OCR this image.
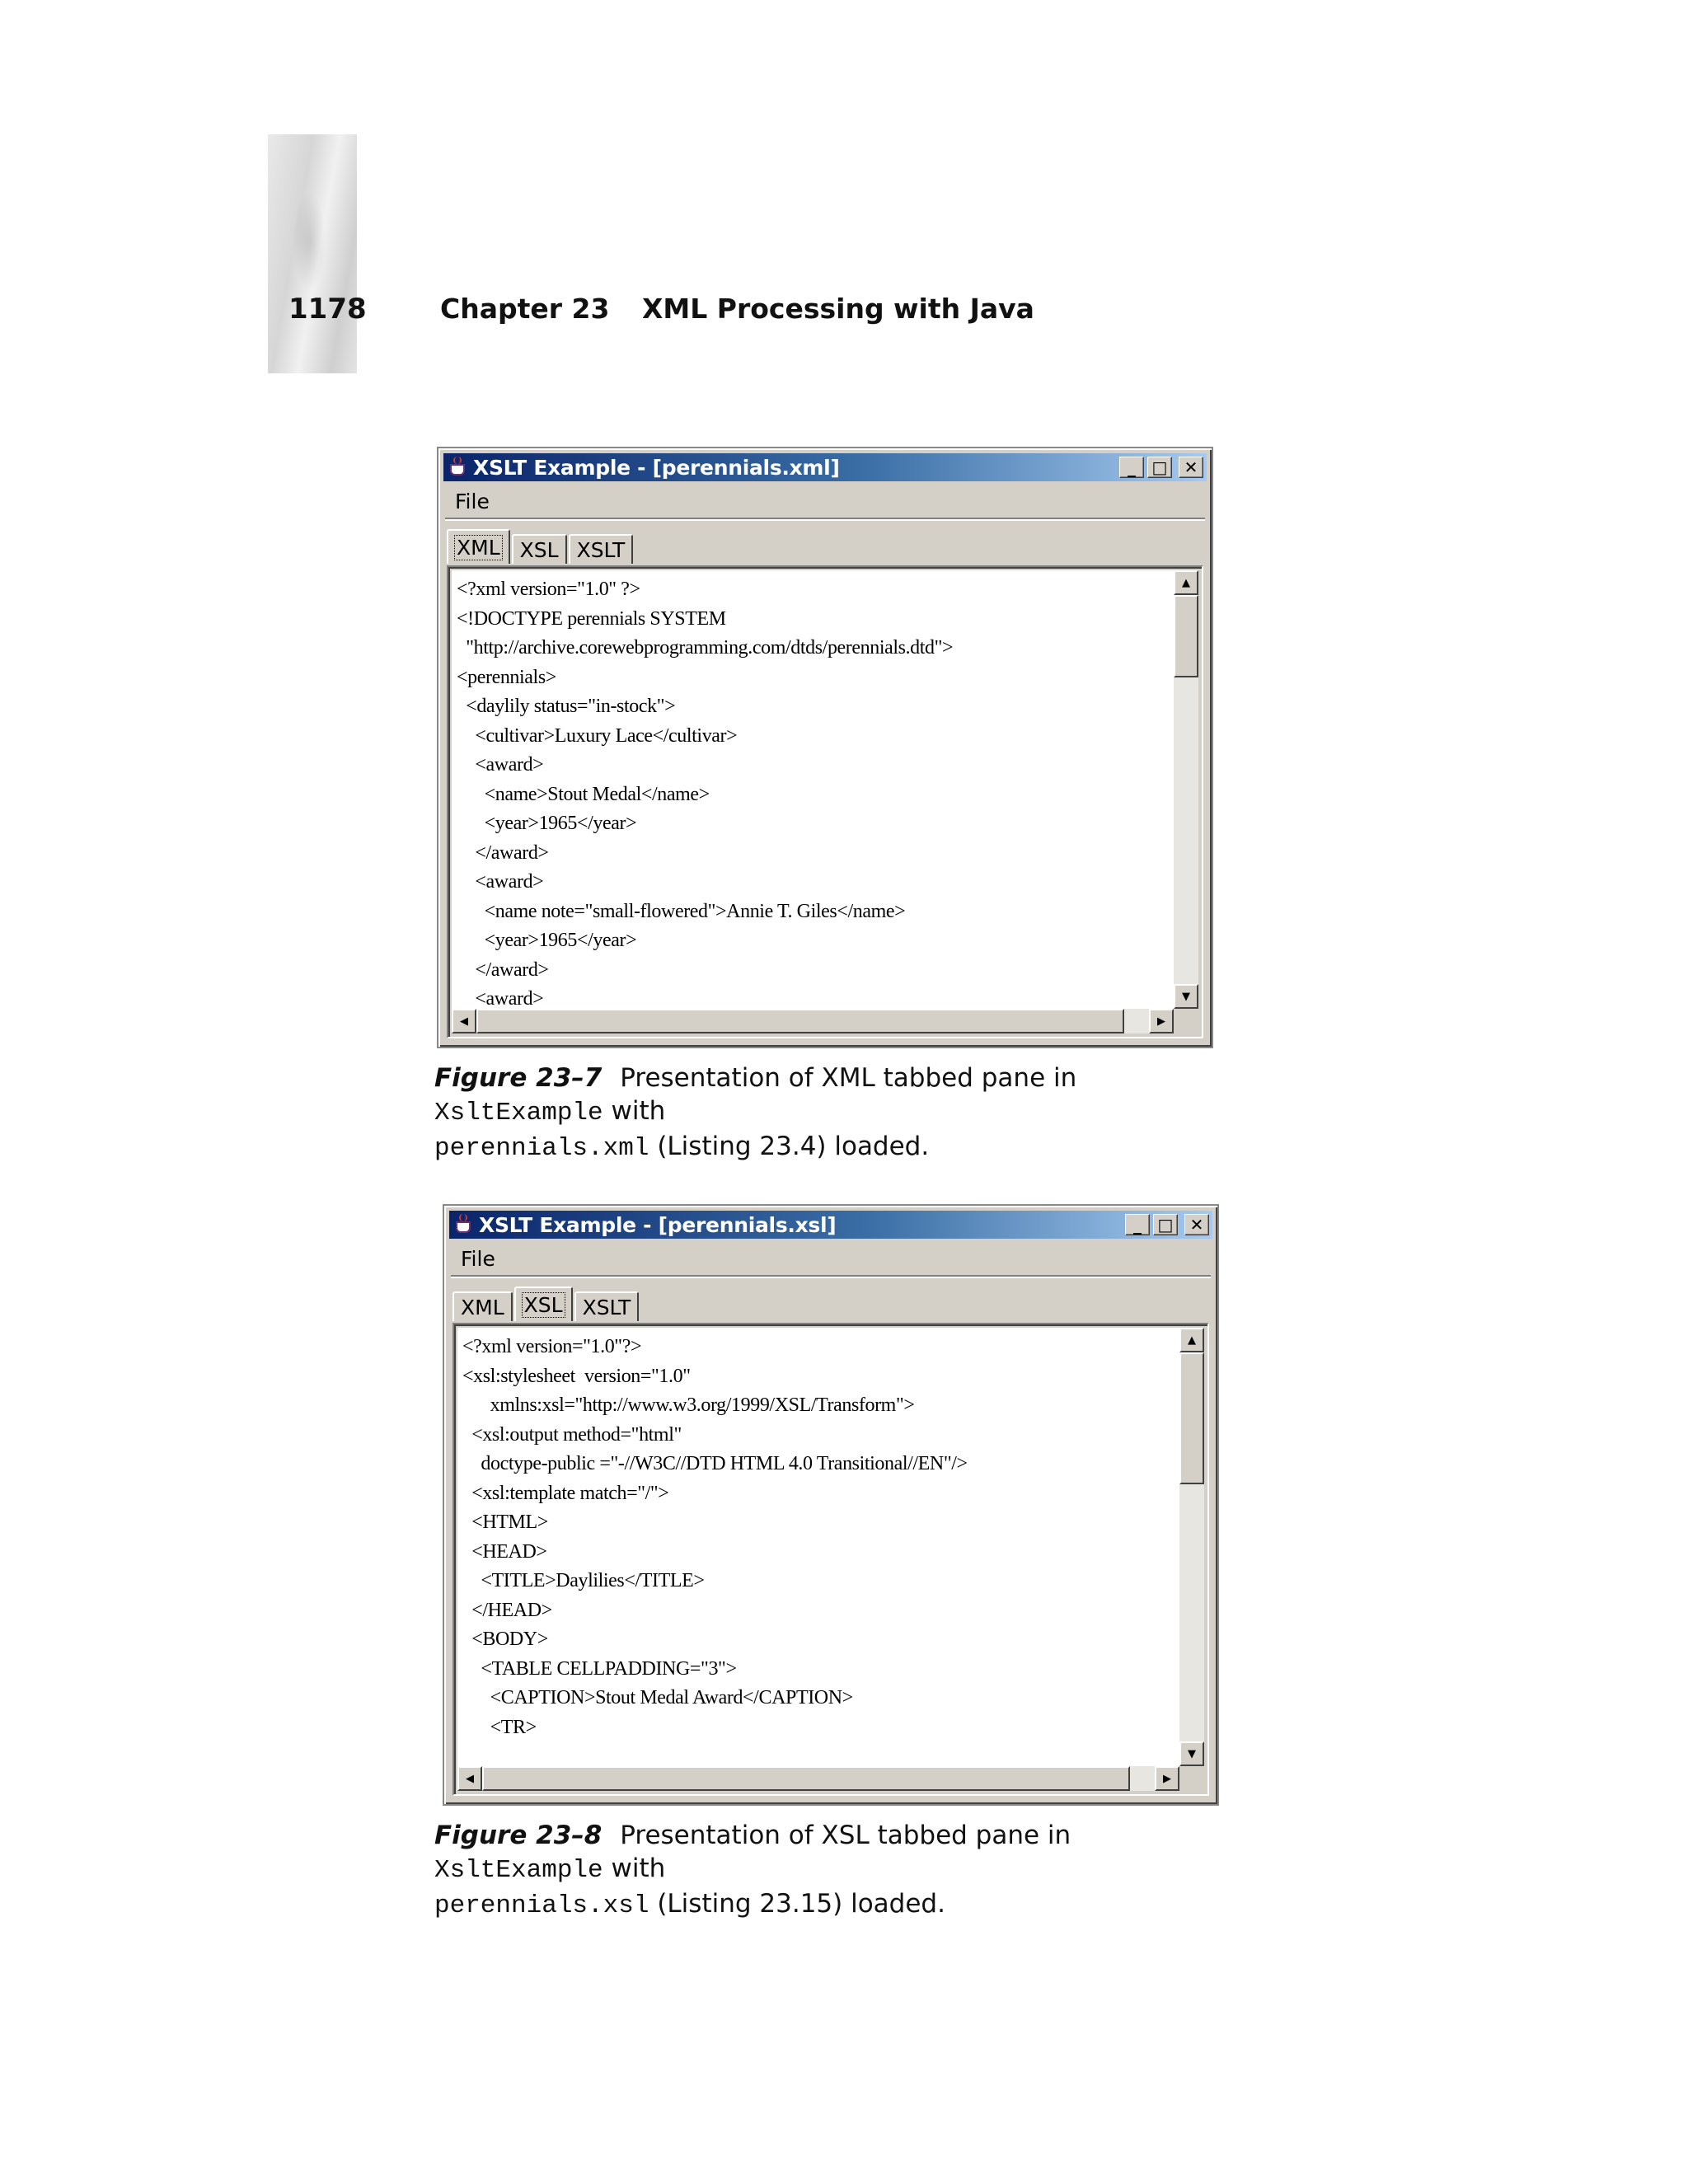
1178	Chapter 23 XML Processing with Java
XSLT Example - [perennials.xml]	_ □ ✕
File
XML XSL XSLT
<?xml version="1.0" ?>
<!DOCTYPE perennials SYSTEM
"http://archive.corewebprogramming.com/dtds/perennials.dtd">
<perennials>
<daylily status="in-stock">
<cultivar>Luxury Lace</cultivar>
<award>
<name>Stout Medal</name>
<year>1965</year>
</award>
<award>
<name note="small-flowered">Annie T. Giles</name>
<year>1965</year>
</award>
<award>
▲
▼
◀	▶
Figure 23–7 Presentation of XML tabbed pane in XsltExample with
perennials.xml (Listing 23.4) loaded.
XSLT Example - [perennials.xsl]	_ □ ✕
File
XML XSL XSLT
<?xml version="1.0"?>
<xsl:stylesheet  version="1.0"
xmlns:xsl="http://www.w3.org/1999/XSL/Transform">
<xsl:output method="html"
doctype-public ="-//W3C//DTD HTML 4.0 Transitional//EN"/>
<xsl:template match="/">
<HTML>
<HEAD>
<TITLE>Daylilies</TITLE>
</HEAD>
<BODY>
<TABLE CELLPADDING="3">
<CAPTION>Stout Medal Award</CAPTION>
<TR>
▲
▼
◀	▶
Figure 23–8 Presentation of XSL tabbed pane in XsltExample with
perennials.xsl (Listing 23.15) loaded.
